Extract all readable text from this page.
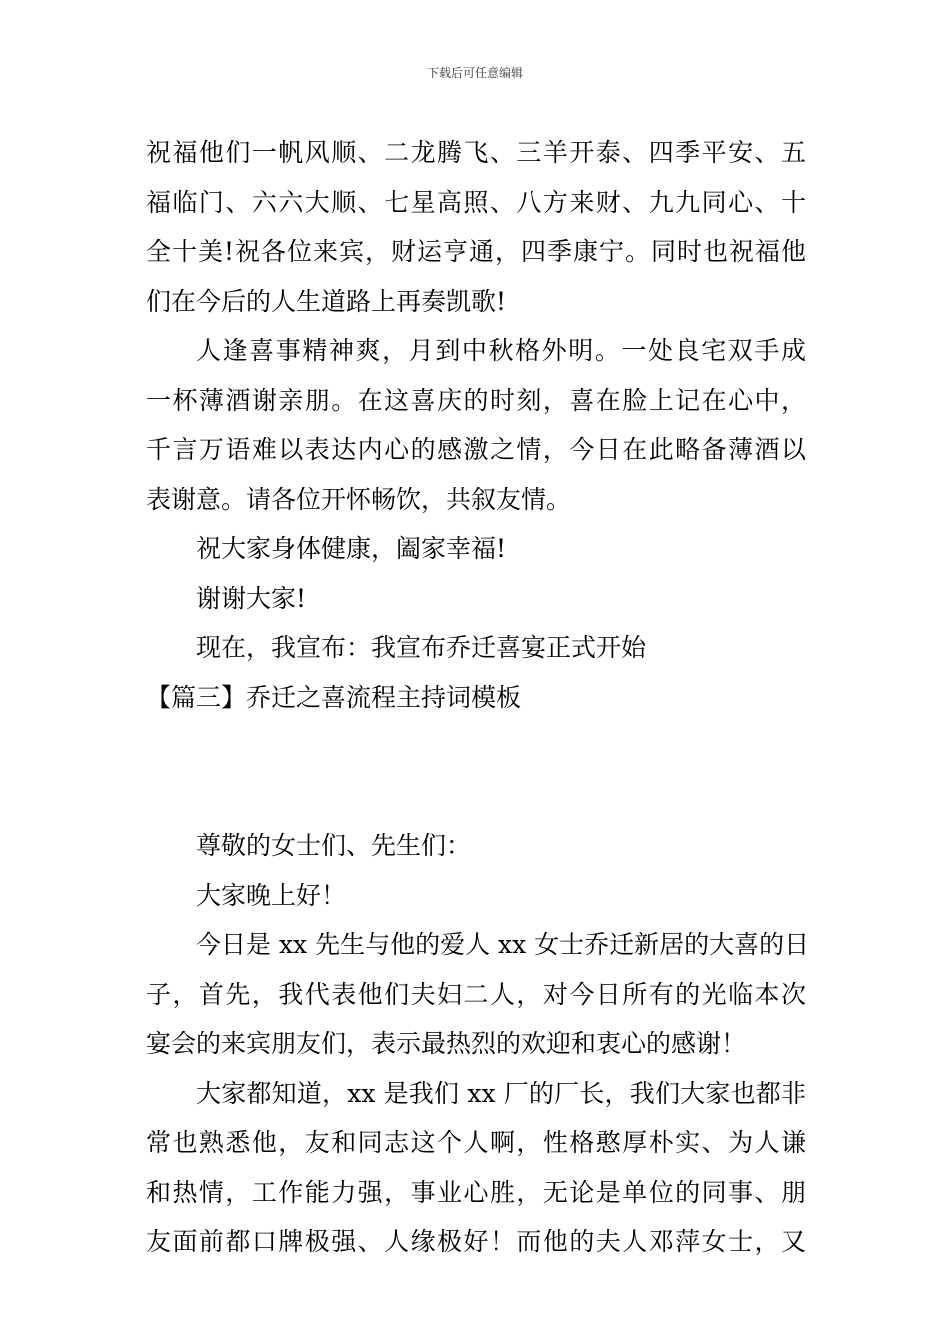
下载后可任意编辑

祝福他们一帆风顺、二龙腾飞、三羊开泰、四季平安、五
福临门、六六大顺、七星高照、八方来财、九九同心、十
全十美!祝各位来宾，财运亨通，四季康宁。同时也祝福他
们在今后的人生道路上再奏凯歌!

人逢喜事精神爽，月到中秋格外明。一处良宅双手成
一杯薄酒谢亲朋。在这喜庆的时刻，喜在脸上记在心中，
千言万语难以表达内心的感激之情，今日在此略备薄酒以
表谢意。请各位开怀畅饮，共叙友情。

祝大家身体健康，阖家幸福!

谢谢大家!

现在，我宣布：我宣布乔迁喜宴正式开始

【篇三】乔迁之喜流程主持词模板

尊敬的女士们、先生们：

大家晚上好！

今日是 xx 先生与他的爱人 xx 女士乔迁新居的大喜的日
子，首先，我代表他们夫妇二人，对今日所有的光临本次
宴会的来宾朋友们，表示最热烈的欢迎和衷心的感谢！

大家都知道，xx 是我们 xx 厂的厂长，我们大家也都非
常也熟悉他，友和同志这个人啊，性格憨厚朴实、为人谦
和热情，工作能力强，事业心胜，无论是单位的同事、朋
友面前都口牌极强、人缘极好！而他的夫人邓萍女士，又
